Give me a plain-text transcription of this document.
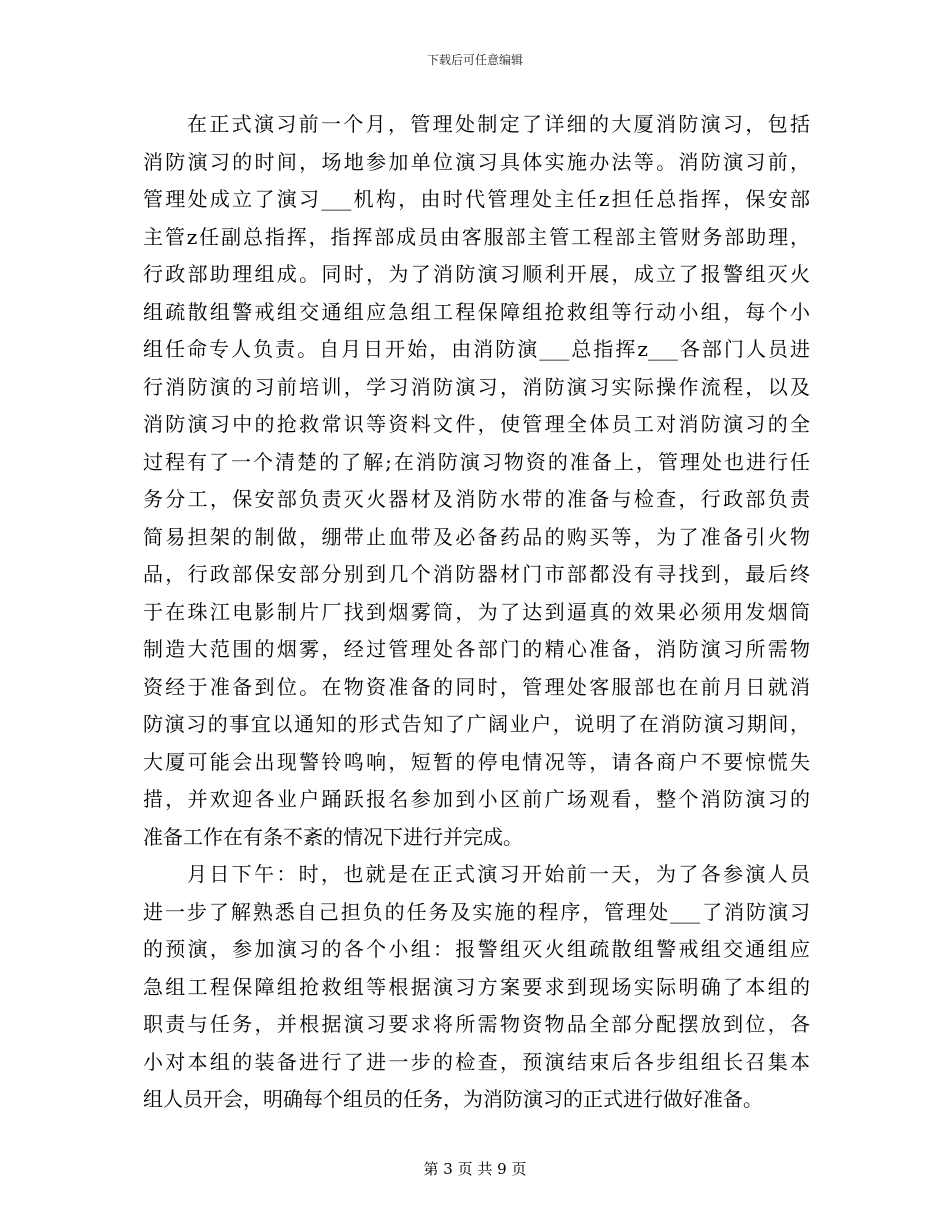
下载后可任意编辑
在正式演习前一个月，管理处制定了详细的大厦消防演习，包括
消防演习的时间，场地参加单位演习具体实施办法等。消防演习前，
管理处成立了演习___机构，由时代管理处主任z担任总指挥，保安部
主管z任副总指挥，指挥部成员由客服部主管工程部主管财务部助理，
行政部助理组成。同时，为了消防演习顺利开展，成立了报警组灭火
组疏散组警戒组交通组应急组工程保障组抢救组等行动小组，每个小
组任命专人负责。自月日开始，由消防演___总指挥z___各部门人员进
行消防演的习前培训，学习消防演习，消防演习实际操作流程，以及
消防演习中的抢救常识等资料文件，使管理全体员工对消防演习的全
过程有了一个清楚的了解;在消防演习物资的准备上，管理处也进行任
务分工，保安部负责灭火器材及消防水带的准备与检查，行政部负责
简易担架的制做，绷带止血带及必备药品的购买等，为了准备引火物
品，行政部保安部分别到几个消防器材门市部都没有寻找到，最后终
于在珠江电影制片厂找到烟雾筒，为了达到逼真的效果必须用发烟筒
制造大范围的烟雾，经过管理处各部门的精心准备，消防演习所需物
资经于准备到位。在物资准备的同时，管理处客服部也在前月日就消
防演习的事宜以通知的形式告知了广阔业户，说明了在消防演习期间，
大厦可能会出现警铃鸣响，短暂的停电情况等，请各商户不要惊慌失
措，并欢迎各业户踊跃报名参加到小区前广场观看，整个消防演习的
准备工作在有条不紊的情况下进行并完成。
月日下午：时，也就是在正式演习开始前一天，为了各参演人员
进一步了解熟悉自己担负的任务及实施的程序，管理处___了消防演习
的预演，参加演习的各个小组：报警组灭火组疏散组警戒组交通组应
急组工程保障组抢救组等根据演习方案要求到现场实际明确了本组的
职责与任务，并根据演习要求将所需物资物品全部分配摆放到位，各
小对本组的装备进行了进一步的检查，预演结束后各步组组长召集本
组人员开会，明确每个组员的任务，为消防演习的正式进行做好准备。
第 3 页 共 9 页
